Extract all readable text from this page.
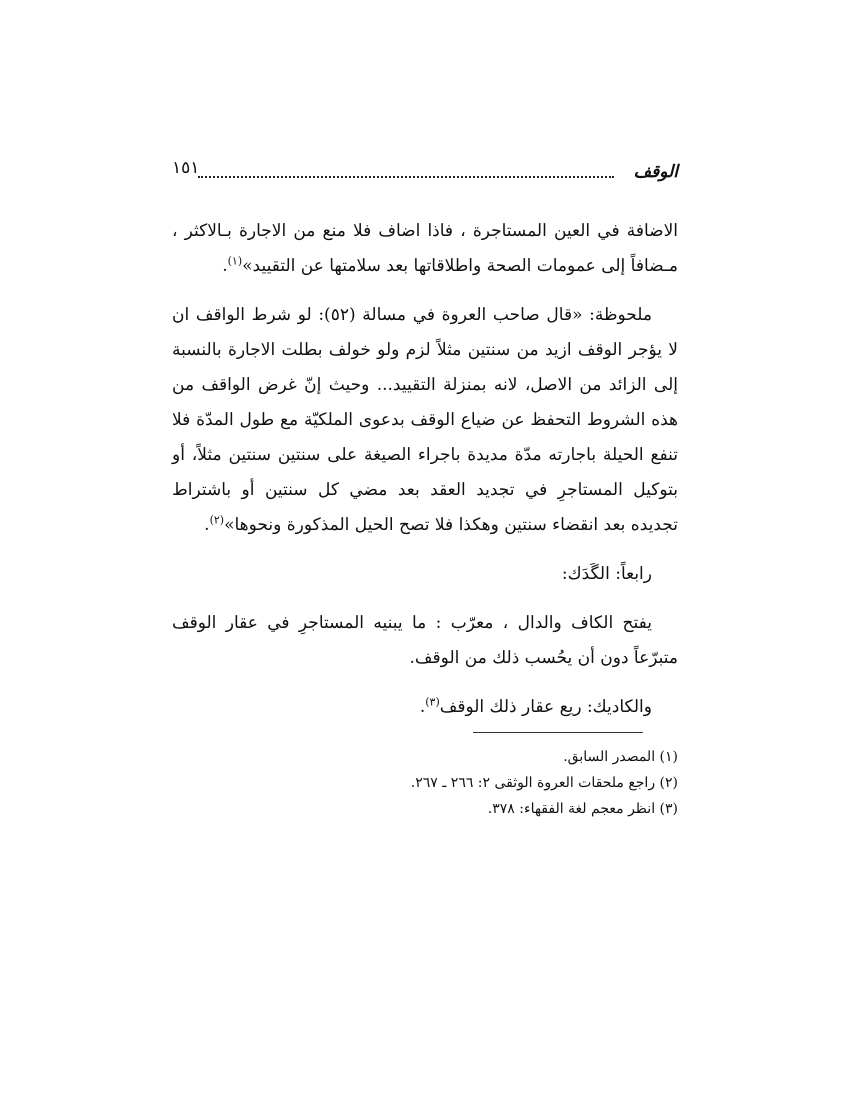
الوقف
١٥١

الاضافة في العين المستاجرة ، فاذا اضاف فلا منع من الاجارة بـالاكثر ، مـضافاً إلى عمومات الصحة واطلاقاتها بعد سلامتها عن التقييد»$^{(١)}$.

ملحوظة: «قال صاحب العروة في مسالة (٥٢): لو شرط الواقف ان لا يؤجر الوقف ازيد من سنتين مثلاً لزم ولو خولف بطلت الاجارة بالنسبة إلى الزائد من الاصل، لانه بمنزلة التقييد... وحيث إنّ غرض الواقف من هذه الشروط التحفظ عن ضياع الوقف بدعوى الملكيّة مع طول المدّة فلا تنفع الحيلة باجارته مدّة مديدة باجراء الصيغة على سنتين سنتين مثلاً، أو بتوكيل المستاجرِ في تجديد العقد بعد مضي كل سنتين أو باشتراط تجديده بعد انقضاء سنتين وهكذا فلا تصح الحيل المذكورة ونحوها»$^{(٢)}$.

رابعاً: الگَدَك:

يفتح الكاف والدال ، معرّب : ما يبنيه المستاجرِ في عقار الوقف متبرّعاً دون أن يحُسب ذلك من الوقف.

والكاديك: ريع عقار ذلك الوقف$^{(٣)}$.

(١) المصدر السابق.

(٢) راجع ملحقات العروة الوثقى ٢: ٢٦٦ ـ ٢٦٧.

(٣) انظر معجم لغة الفقهاء: ٣٧٨.
